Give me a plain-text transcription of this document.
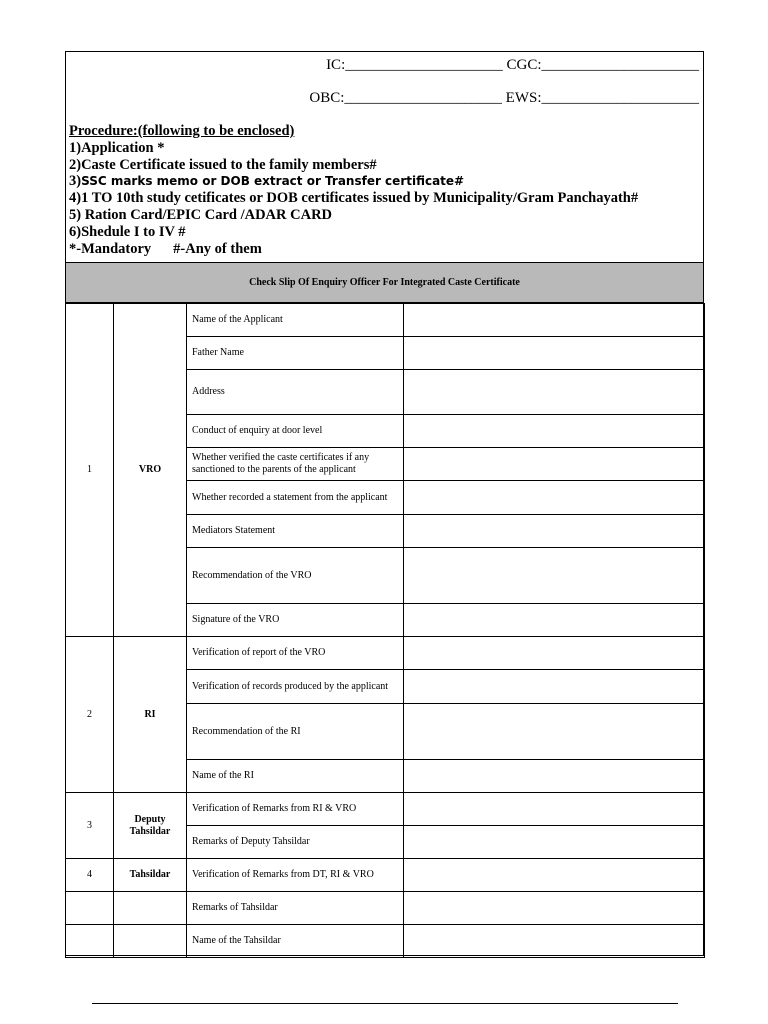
IC:_____________________ CGC:_____________________
OBC:_____________________ EWS:_____________________
Procedure:(following to be enclosed)
1)Application *
2)Caste Certificate issued to the family members#
3)SSC marks memo or DOB extract or Transfer certificate#
4)1 TO 10th study cetificates or DOB certificates issued by Municipality/Gram Panchayath#
5) Ration Card/EPIC Card /ADAR CARD
6)Shedule I to IV #
*-Mandatory #-Any of them
Check Slip Of Enquiry Officer For Integrated Caste Certificate
1	VRO	Name of the Applicant	
		Father Name	
		Address	
		Conduct of enquiry at door level	
		Whether verified the caste certificates if any sanctioned to the parents of the applicant	
		Whether recorded a statement from the applicant	
		Mediators Statement	
		Recommendation of the VRO	
		Signature of the VRO	
2	RI	Verification of report of the VRO	
		Verification of records produced by the applicant	
		Recommendation of the RI	
		Name of the RI	
3	Deputy Tahsildar	Verification of Remarks from RI & VRO	
		Remarks of Deputy Tahsildar	
4	Tahsildar	Verification of Remarks from DT, RI & VRO	
		Remarks of Tahsildar	
		Name of the Tahsildar	
